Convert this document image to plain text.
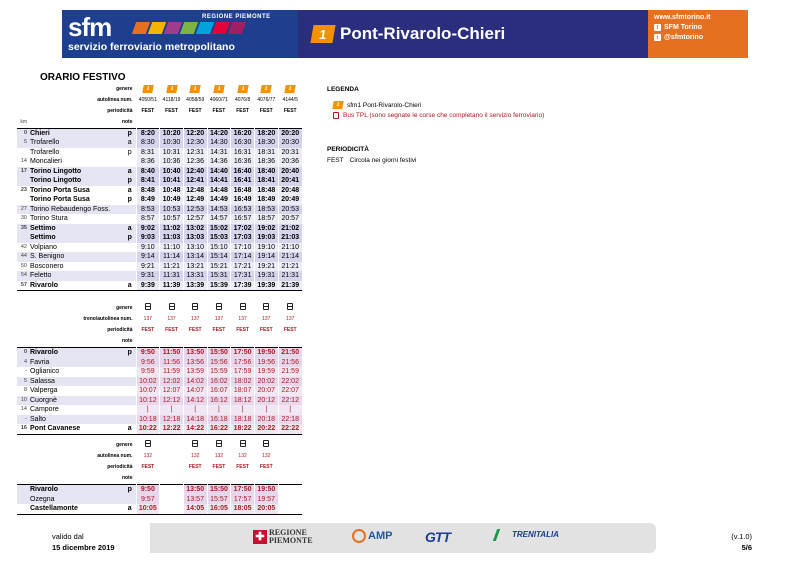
sfm	REGIONE PIEMONTE
servizio ferroviario metropolitano
1 Pont-Rivarolo-Chieri
www.sfmtorino.it
f SFM Torino
t @sfmtorino
ORARIO FESTIVO
	genere		1	1	1	1	1	1	1
	autolinea num.		4050/51	4118/19	4058/59	4060/71	4076/8	4076/77	4144/5
	periodicità		FEST	FEST	FEST	FEST	FEST	FEST	FEST
km	note								
0	Chieri	p	8:20	10:20	12:20	14:20	16:20	18:20	20:20
5	Trofarello	a	8:30	10:30	12:30	14:30	16:30	18:30	20:30
	Trofarello	p	8:31	10:31	12:31	14:31	16:31	18:31	20:31
14	Moncalieri		8:36	10:36	12:36	14:36	16:36	18:36	20:36
17	Torino Lingotto	a	8:40	10:40	12:40	14:40	16:40	18:40	20:40
	Torino Lingotto	p	8:41	10:41	12:41	14:41	16:41	18:41	20:41
23	Torino Porta Susa	a	8:48	10:48	12:48	14:48	16:48	18:48	20:48
	Torino Porta Susa	p	8:49	10:49	12:49	14:49	16:49	18:49	20:49
27	Torino Rebaudengo Foss.		8:53	10:53	12:53	14:53	16:53	18:53	20:53
30	Torino Stura		8:57	10:57	12:57	14:57	16:57	18:57	20:57
35	Settimo	a	9:02	11:02	13:02	15:02	17:02	19:02	21:02
	Settimo	p	9:03	11:03	13:03	15:03	17:03	19:03	21:03
42	Volpiano		9:10	11:10	13:10	15:10	17:10	19:10	21:10
44	S. Benigno		9:14	11:14	13:14	15:14	17:14	19:14	21:14
50	Bosconero		9:21	11:21	13:21	15:21	17:21	19:21	21:21
54	Feletto		9:31	11:31	13:31	15:31	17:31	19:31	21:31
57	Rivarolo	a	9:39	11:39	13:39	15:39	17:39	19:39	21:39
	genere								
	treno/autolinea num.		137	137	137	137	137	137	137
	periodicità		FEST	FEST	FEST	FEST	FEST	FEST	FEST
	note								
0	Rivarolo	p	9:50	11:50	13:50	15:50	17:50	19:50	21:50
4	Favria		9:56	11:56	13:56	15:56	17:56	19:56	21:56
-	Oglianico		9:59	11:59	13:59	15:59	17:59	19:59	21:59
5	Salassa		10:02	12:02	14:02	16:02	18:02	20:02	22:02
8	Valperga		10:07	12:07	14:07	16:07	18:07	20:07	22:07
10	Cuorgnè		10:12	12:12	14:12	16:12	18:12	20:12	22:12
14	Campore		|	|	|	|	|	|	|
-	Salto		10:18	12:18	14:18	16:18	18:18	20:18	22:18
16	Pont Cavanese	a	10:22	12:22	14:22	16:22	18:22	20:22	22:22
	genere								
	autolinea num.		132		132	132	132	132	
	periodicità		FEST		FEST	FEST	FEST	FEST	
	note								
	Rivarolo	p	9:50		13:50	15:50	17:50	19:50	
	Ozegna		9:57		13:57	15:57	17:57	19:57	
	Castellamonte	a	10:05		14:05	16:05	18:05	20:05	
LEGENDA
1	sfm1 Pont-Rivarolo-Chieri
Bus TPL (sono segnate le corse che completano il servizio ferroviario)
PERIODICITÀ
FEST Circola nei giorni festivi
valido dal
15 dicembre 2019
✚ REGIONE
PIEMONTE	AMP GTT	TRENITALIA	(v.1.0)
5/6
